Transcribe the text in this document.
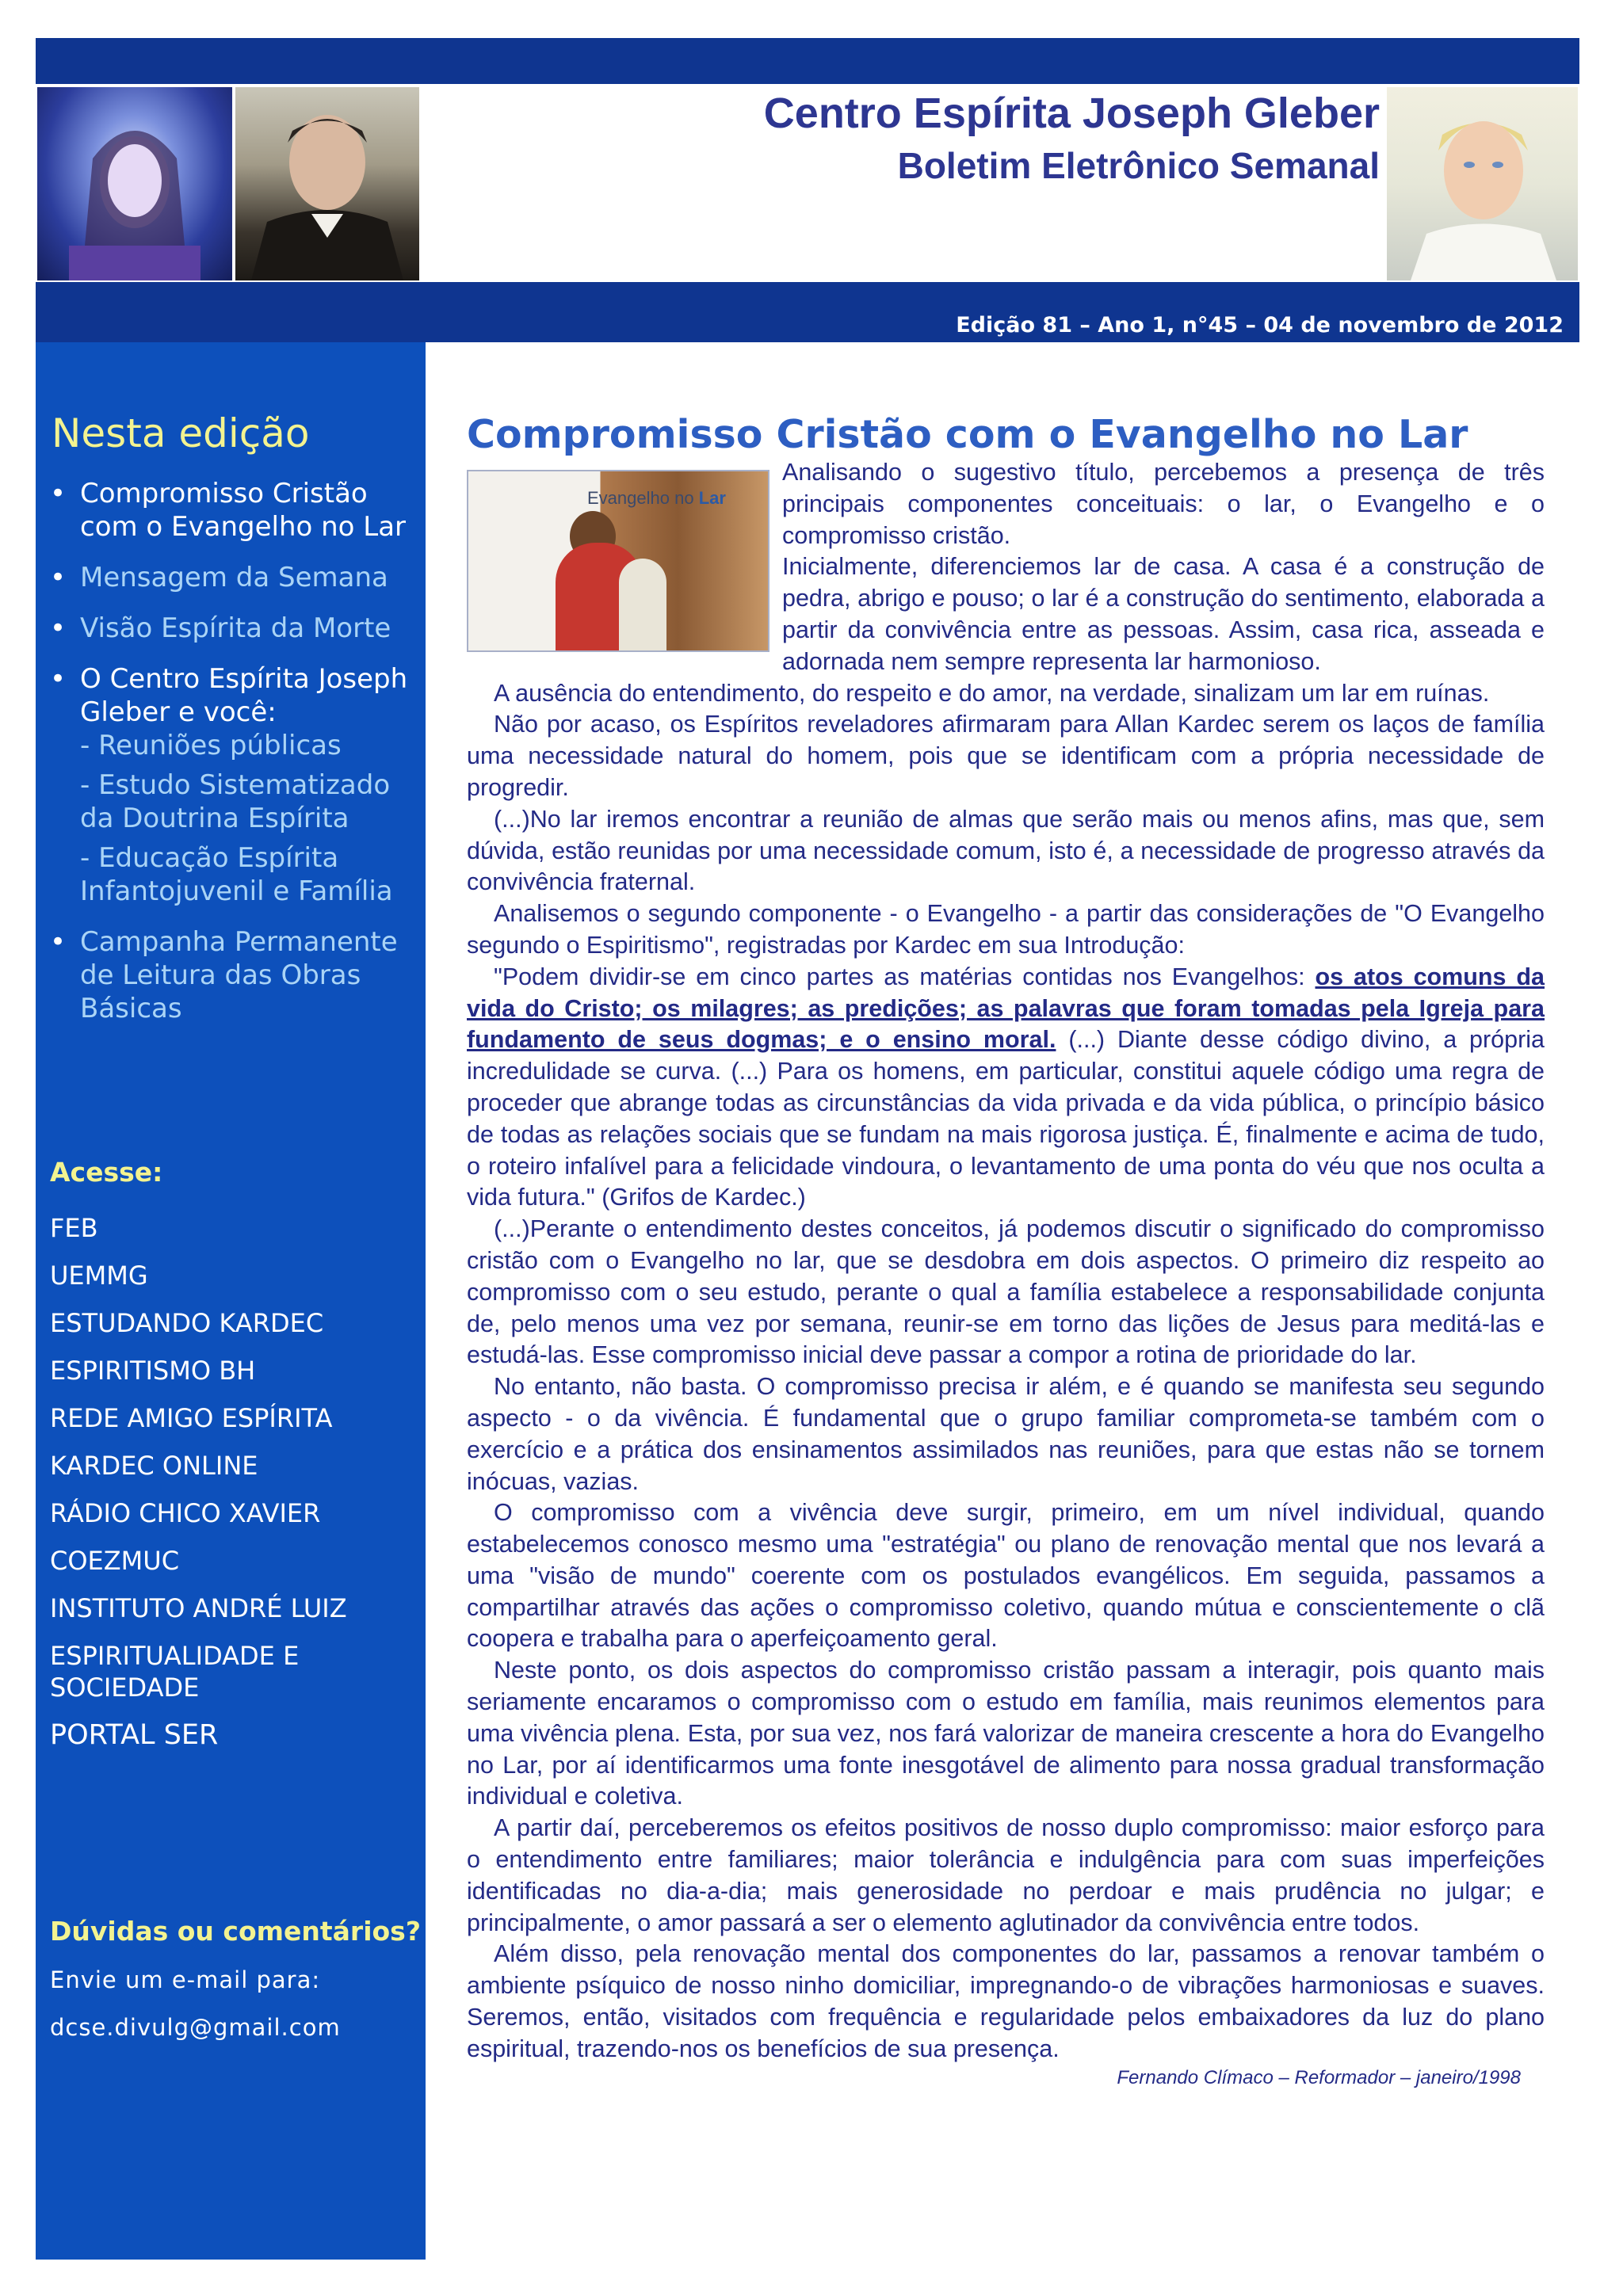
Centro Espírita Joseph Gleber
Boletim Eletrônico Semanal
Edição 81 – Ano 1, n°45 – 04 de novembro de 2012
Nesta edição
• Compromisso Cristão com o Evangelho no Lar
• Mensagem da Semana
• Visão Espírita da Morte
• O Centro Espírita Joseph Gleber e você:
- Reuniões públicas
- Estudo Sistematizado da Doutrina Espírita
- Educação Espírita Infantojuvenil e Família
• Campanha Permanente de Leitura das Obras Básicas
Acesse:
FEB
UEMMG
ESTUDANDO KARDEC
ESPIRITISMO BH
REDE AMIGO ESPÍRITA
KARDEC ONLINE
RÁDIO CHICO XAVIER
COEZMUC
INSTITUTO ANDRÉ LUIZ
ESPIRITUALIDADE E SOCIEDADE
PORTAL SER
Dúvidas ou comentários?
Envie um e-mail para:
dcse.divulg@gmail.com
Compromisso Cristão com o Evangelho no Lar
Evangelho no Lar

Analisando o sugestivo título, percebemos a presença de três principais componentes conceituais: o lar, o Evangelho e o compromisso cristão.

Inicialmente, diferenciemos lar de casa. A casa é a construção de pedra, abrigo e pouso; o lar é a construção do sentimento, elaborada a partir da convivência entre as pessoas. Assim, casa rica, asseada e adornada nem sempre representa lar harmonioso.

A ausência do entendimento, do respeito e do amor, na verdade, sinalizam um lar em ruínas.

Não por acaso, os Espíritos reveladores afirmaram para Allan Kardec serem os laços de família uma necessidade natural do homem, pois que se identificam com a própria necessidade de progredir.

(...)No lar iremos encontrar a reunião de almas que serão mais ou menos afins, mas que, sem dúvida, estão reunidas por uma necessidade comum, isto é, a necessidade de progresso através da convivência fraternal.

Analisemos o segundo componente - o Evangelho - a partir das considerações de "O Evangelho segundo o Espiritismo", registradas por Kardec em sua Introdução:

"Podem dividir-se em cinco partes as matérias contidas nos Evangelhos: os atos comuns da vida do Cristo; os milagres; as predições; as palavras que foram tomadas pela Igreja para fundamento de seus dogmas; e o ensino moral. (...) Diante desse código divino, a própria incredulidade se curva. (...) Para os homens, em particular, constitui aquele código uma regra de proceder que abrange todas as circunstâncias da vida privada e da vida pública, o princípio básico de todas as relações sociais que se fundam na mais rigorosa justiça. É, finalmente e acima de tudo, o roteiro infalível para a felicidade vindoura, o levantamento de uma ponta do véu que nos oculta a vida futura." (Grifos de Kardec.)

(...)Perante o entendimento destes conceitos, já podemos discutir o significado do compromisso cristão com o Evangelho no lar, que se desdobra em dois aspectos. O primeiro diz respeito ao compromisso com o seu estudo, perante o qual a família estabelece a responsabilidade conjunta de, pelo menos uma vez por semana, reunir-se em torno das lições de Jesus para meditá-las e estudá-las. Esse compromisso inicial deve passar a compor a rotina de prioridade do lar.

No entanto, não basta. O compromisso precisa ir além, e é quando se manifesta seu segundo aspecto - o da vivência. É fundamental que o grupo familiar comprometa-se também com o exercício e a prática dos ensinamentos assimilados nas reuniões, para que estas não se tornem inócuas, vazias.

O compromisso com a vivência deve surgir, primeiro, em um nível individual, quando estabelecemos conosco mesmo uma "estratégia" ou plano de renovação mental que nos levará a uma "visão de mundo" coerente com os postulados evangélicos. Em seguida, passamos a compartilhar através das ações o compromisso coletivo, quando mútua e conscientemente o clã coopera e trabalha para o aperfeiçoamento geral.

Neste ponto, os dois aspectos do compromisso cristão passam a interagir, pois quanto mais seriamente encaramos o compromisso com o estudo em família, mais reunimos elementos para uma vivência plena. Esta, por sua vez, nos fará valorizar de maneira crescente a hora do Evangelho no Lar, por aí identificarmos uma fonte inesgotável de alimento para nossa gradual transformação individual e coletiva.

A partir daí, perceberemos os efeitos positivos de nosso duplo compromisso: maior esforço para o entendimento entre familiares; maior tolerância e indulgência para com suas imperfeições identificadas no dia-a-dia; mais generosidade no perdoar e mais prudência no julgar; e principalmente, o amor passará a ser o elemento aglutinador da convivência entre todos.

Além disso, pela renovação mental dos componentes do lar, passamos a renovar também o ambiente psíquico de nosso ninho domiciliar, impregnando-o de vibrações harmoniosas e suaves. Seremos, então, visitados com frequência e regularidade pelos embaixadores da luz do plano espiritual, trazendo-nos os benefícios de sua presença.

Fernando Clímaco – Reformador – janeiro/1998
